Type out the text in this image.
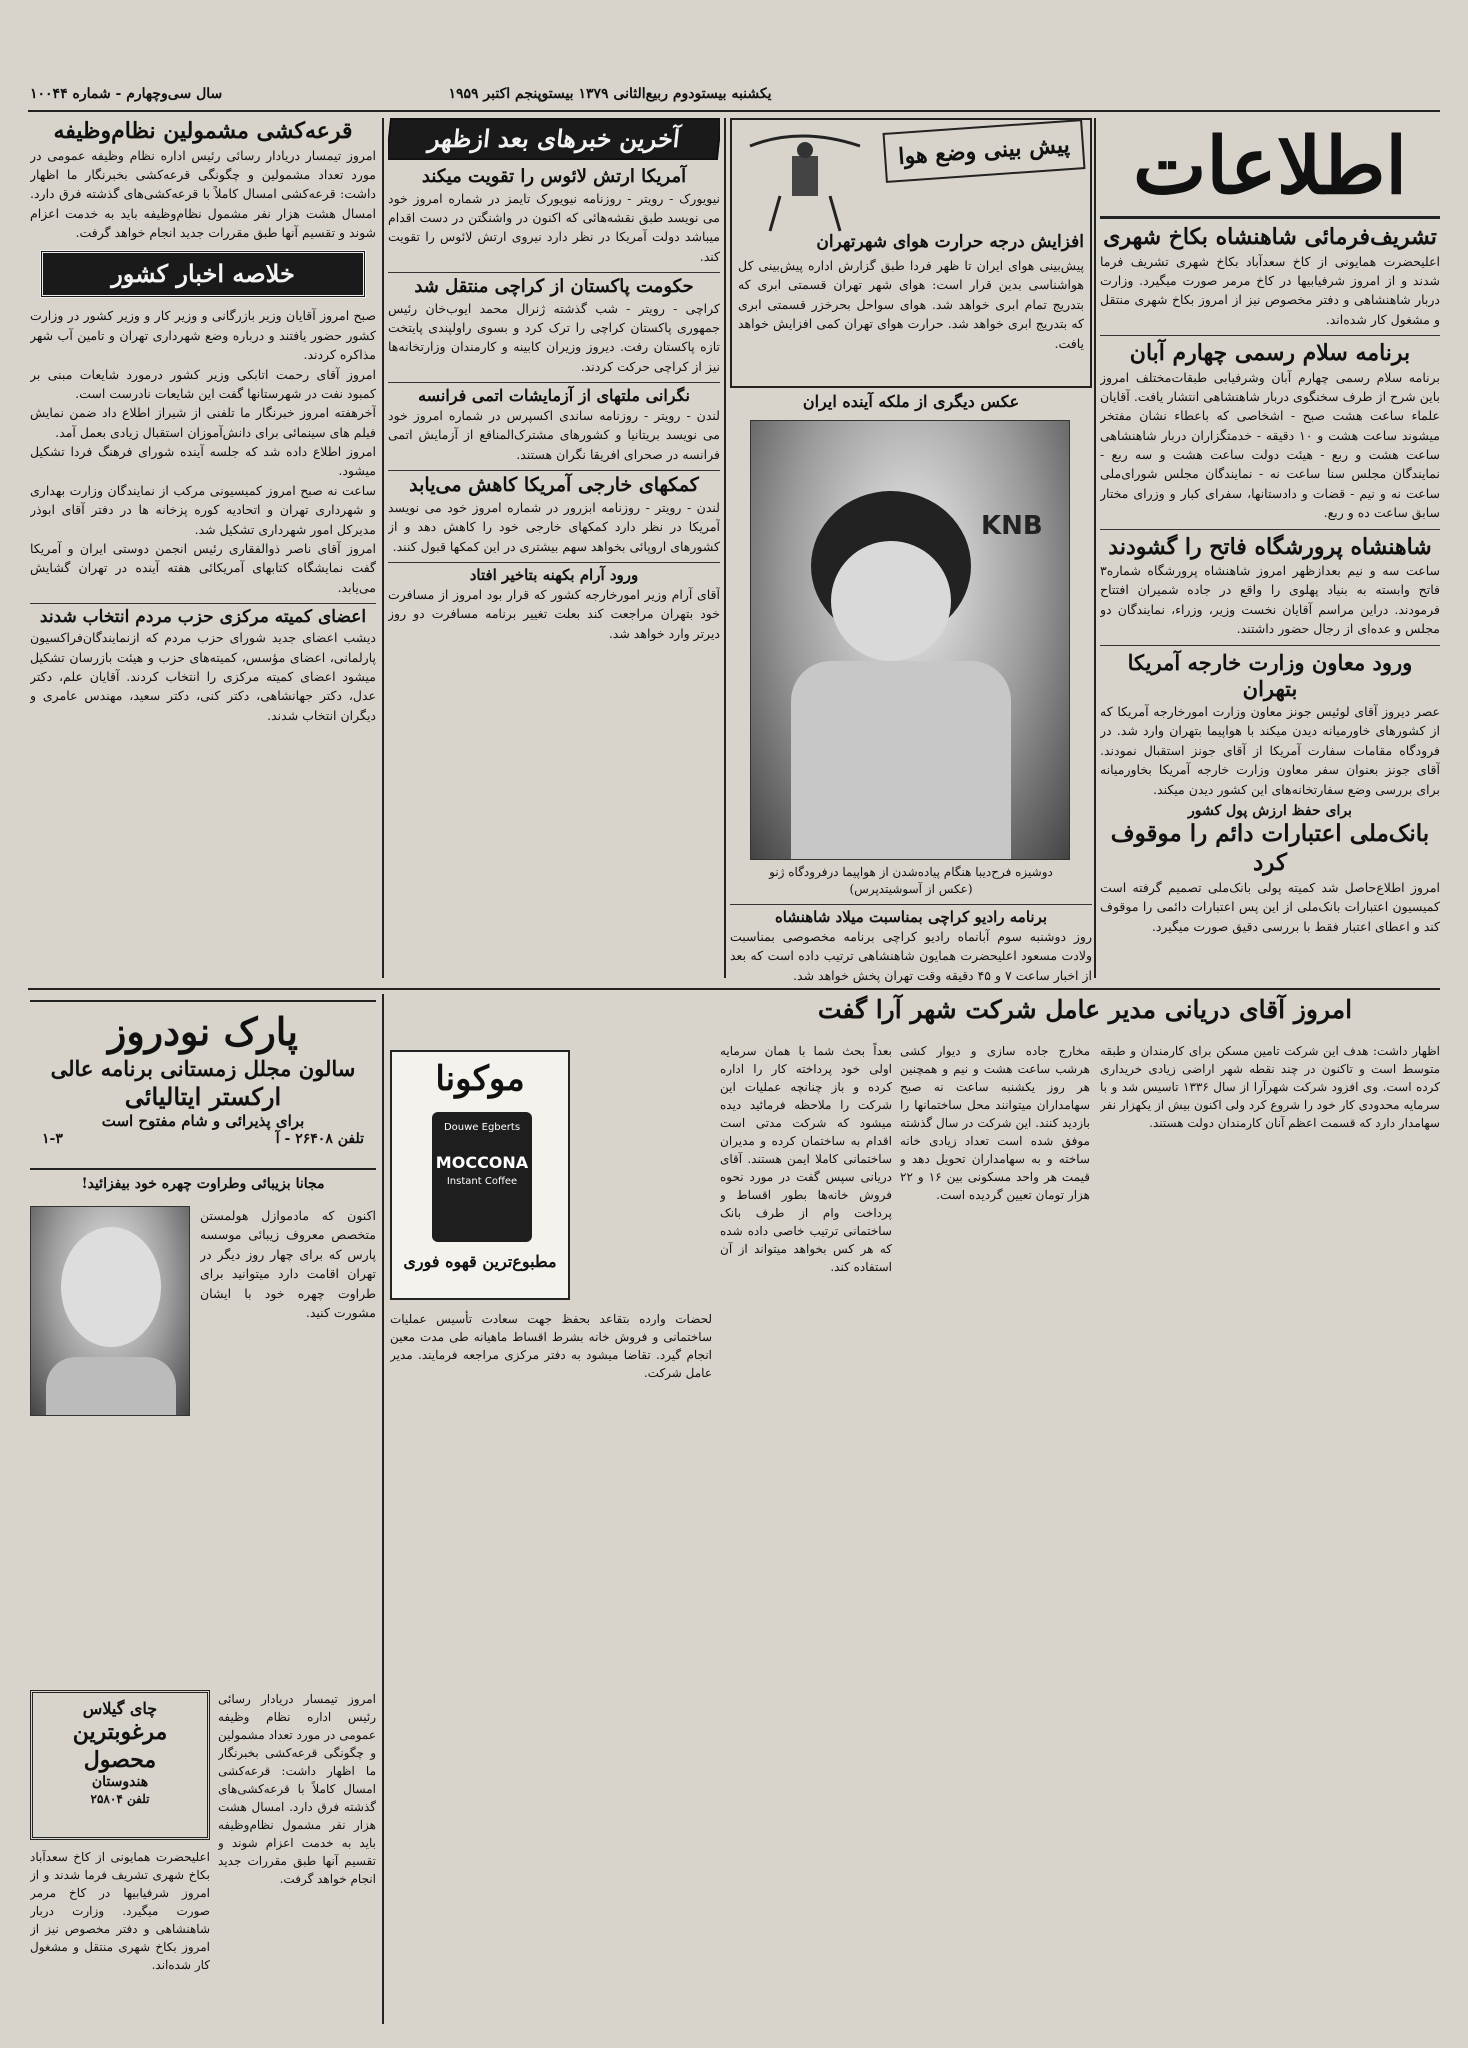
یکشنبه بیستودوم ربیع‌الثانی ۱۳۷۹ بیستوپنجم اکتبر ۱۹۵۹
سال سی‌وچهارم - شماره ۱۰۰۴۴
اطلاعات
تشریف‌فرمائی شاهنشاه بکاخ شهری
اعلیحضرت همایونی از کاخ سعدآباد بکاخ شهری تشریف فرما شدند و از امروز شرفیابیها در کاخ مرمر صورت میگیرد. وزارت دربار شاهنشاهی و دفتر مخصوص نیز از امروز بکاخ شهری منتقل و مشغول کار شده‌اند.
برنامه سلام رسمی چهارم آبان
برنامه سلام رسمی چهارم آبان وشرفیابی طبقات‌مختلف امروز باین شرح از طرف سخنگوی دربار شاهنشاهی انتشار یافت. آقایان علماء ساعت هشت صبح - اشخاصی که باعطاء نشان مفتخر میشوند ساعت هشت و ۱۰ دقیقه - خدمتگزاران دربار شاهنشاهی ساعت هشت و ربع - هیئت دولت ساعت هشت و سه ربع - نمایندگان مجلس سنا ساعت نه - نمایندگان مجلس شورای‌ملی ساعت نه و نیم - قضات و دادستانها، سفرای کبار و وزرای مختار سابق ساعت ده و ربع.
شاهنشاه پرورشگاه فاتح را گشودند
ساعت سه و نیم بعدازظهر امروز شاهنشاه پرورشگاه شماره۳ فاتح وابسته به بنیاد پهلوی را واقع در جاده شمیران افتتاح فرمودند. دراین مراسم آقایان نخست وزیر، وزراء، نمایندگان دو مجلس و عده‌ای از رجال حضور داشتند.
ورود معاون وزارت خارجه آمریکا بتهران
عصر دیروز آقای لوئیس جونز معاون وزارت امورخارجه آمریکا که از کشورهای خاورمیانه دیدن میکند با هواپیما بتهران وارد شد. در فرودگاه مقامات سفارت آمریکا از آقای جونز استقبال نمودند. آقای جونز بعنوان سفر معاون وزارت خارجه آمریکا بخاورمیانه برای بررسی وضع سفارتخانه‌های این کشور دیدن میکند.
برای حفظ ارزش پول کشور
بانک‌ملی اعتبارات دائم را موقوف کرد
امروز اطلاع‌حاصل شد کمیته پولی بانک‌ملی تصمیم گرفته است کمیسیون اعتبارات بانک‌ملی از این پس اعتبارات دائمی را موقوف کند و اعطای اعتبار فقط با بررسی دقیق صورت میگیرد.
پیش بینی وضع هوا
افزایش درجه حرارت هوای شهرتهران
پیش‌بینی هوای ایران تا ظهر فردا طبق گزارش اداره پیش‌بینی کل هواشناسی بدین قرار است: هوای شهر تهران قسمتی ابری که بتدریج تمام ابری خواهد شد. هوای سواحل بحرخزر قسمتی ابری که بتدریج ابری خواهد شد. حرارت هوای تهران کمی افزایش خواهد یافت.
عکس دیگری از ملکه آینده ایران
KNB
دوشیزه فرح‌دیبا هنگام پیاده‌شدن از هواپیما درفرودگاه ژنو
(عکس از آسوشیتدپرس)
برنامه رادیو کراچی بمناسبت میلاد شاهنشاه
روز دوشنبه سوم آبانماه رادیو کراچی برنامه مخصوصی بمناسبت ولادت مسعود اعلیحضرت همایون شاهنشاهی ترتیب داده است که بعد از اخبار ساعت ۷ و ۴۵ دقیقه وقت تهران پخش خواهد شد.
آخرین خبرهای بعد ازظهر
آمریکا ارتش لائوس را تقویت میکند
نیویورک - رویتر - روزنامه نیویورک تایمز در شماره امروز خود می نویسد طبق نقشه‌هائی که اکنون در واشنگتن در دست اقدام میباشد دولت آمریکا در نظر دارد نیروی ارتش لائوس را تقویت کند.
حکومت پاکستان از کراچی منتقل شد
کراچی - رویتر - شب گذشته ژنرال محمد ایوب‌خان رئیس جمهوری پاکستان کراچی را ترک کرد و بسوی راولپندی پایتخت تازه پاکستان رفت. دیروز وزیران کابینه و کارمندان وزارتخانه‌ها نیز از کراچی حرکت کردند.
نگرانی ملتهای از آزمایشات اتمی فرانسه
لندن - رویتر - روزنامه ساندی اکسپرس در شماره امروز خود می نویسد بریتانیا و کشورهای مشترک‌المنافع از آزمایش اتمی فرانسه در صحرای افریقا نگران هستند.
کمکهای خارجی آمریکا کاهش می‌یابد
لندن - رویتر - روزنامه ابزرور در شماره امروز خود می نویسد آمریکا در نظر دارد کمکهای خارجی خود را کاهش دهد و از کشورهای اروپائی بخواهد سهم بیشتری در این کمکها قبول کنند.
ورود آرام بکهنه بتاخیر افتاد
آقای آرام وزیر امورخارجه کشور که قرار بود امروز از مسافرت خود بتهران مراجعت کند بعلت تغییر برنامه مسافرت دو روز دیرتر وارد خواهد شد.
قرعه‌کشی مشمولین نظام‌وظیفه
امروز تیمسار دریادار رسائی رئیس اداره نظام وظیفه عمومی در مورد تعداد مشمولین و چگونگی قرعه‌کشی بخبرنگار ما اظهار داشت: قرعه‌کشی امسال کاملاً با قرعه‌کشی‌های گذشته فرق دارد. امسال هشت هزار نفر مشمول نظام‌وظیفه باید به خدمت اعزام شوند و تقسیم آنها طبق مقررات جدید انجام خواهد گرفت.
خلاصه اخبار کشور
صبح امروز آقایان وزیر بازرگانی و وزیر کار و وزیر کشور در وزارت کشور حضور یافتند و درباره وضع شهرداری تهران و تامین آب شهر مذاکره کردند.
امروز آقای رحمت اتابکی وزیر کشور درمورد شایعات مبنی بر کمبود نفت در شهرستانها گفت این شایعات نادرست است.
آخرهفته امروز خبرنگار ما تلفنی از شیراز اطلاع داد ضمن نمایش فیلم های سینمائی برای دانش‌آموزان استقبال زیادی بعمل آمد.
امروز اطلاع داده شد که جلسه آینده شورای فرهنگ فردا تشکیل میشود.
ساعت نه صبح امروز کمیسیونی مرکب از نمایندگان وزارت بهداری و شهرداری تهران و اتحادیه کوره پزخانه ها در دفتر آقای ابوذر مدیرکل امور شهرداری تشکیل شد.
امروز آقای ناصر ذوالفقاری رئیس انجمن دوستی ایران و آمریکا گفت نمایشگاه کتابهای آمریکائی هفته آینده در تهران گشایش می‌یابد.
اعضای کمیته مرکزی حزب مردم انتخاب شدند
دیشب اعضای جدید شورای حزب مردم که ازنمایندگان‌فراکسیون پارلمانی، اعضای مؤسس، کمیته‌های حزب و هیئت بازرسان تشکیل میشود اعضای کمیته مرکزی را انتخاب کردند. آقایان علم، دکتر عدل، دکتر جهانشاهی، دکتر کنی، دکتر سعید، مهندس عامری و دیگران انتخاب شدند.
امروز آقای دریانی مدیر عامل شرکت شهر آرا گفت
اظهار داشت: هدف این شرکت تامین مسکن برای کارمندان و طبقه متوسط است و تاکنون در چند نقطه شهر اراضی زیادی خریداری کرده است. وی افزود شرکت شهرآرا از سال ۱۳۳۶ تاسیس شد و با سرمایه محدودی کار خود را شروع کرد ولی اکنون بیش از یکهزار نفر سهامدار دارد که قسمت اعظم آنان کارمندان دولت هستند.
مخارج جاده سازی و دیوار کشی هرشب ساعت هشت و نیم و همچنین هر روز یکشنبه ساعت نه صبح سهامداران میتوانند محل ساختمانها را بازدید کنند. این شرکت در سال گذشته موفق شده است تعداد زیادی خانه ساخته و به سهامداران تحویل دهد و قیمت هر واحد مسکونی بین ۱۶ و ۲۲ هزار تومان تعیین گردیده است.
بعداً بحث شما با همان سرمایه اولی خود پرداخته کار را اداره کرده و باز چنانچه عملیات این شرکت را ملاحظه فرمائید دیده میشود که شرکت مدتی است اقدام به ساختمان کرده و مدیران ساختمانی کاملا ایمن هستند. آقای دریانی سپس گفت در مورد نحوه فروش خانه‌ها بطور اقساط و پرداخت وام از طرف بانک ساختمانی ترتیب خاصی داده شده که هر کس بخواهد میتواند از آن استفاده کند.
موکونا
Douwe Egberts
MOCCONA
Instant Coffee
مطبوع‌ترین قهوه فوری
لحضات وارده بتقاعد بحفظ جهت سعادت تأسیس عملیات ساختمانی و فروش خانه بشرط اقساط ماهیانه طی مدت معین انجام گیرد. تقاضا میشود به دفتر مرکزی مراجعه فرمایند. مدیر عامل شرکت.
پارک نودروز
سالون مجلل زمستانی برنامه عالی
ارکستر ایتالیائی
برای پذیرائی و شام مفتوح است
تلفن ۲۶۴۰۸ - آ
۱-۳
مجانا بزیبائی وطراوت چهره خود بیفزائید!
اکنون که مادموازل هولمستن متخصص معروف زیبائی موسسه پارس که برای چهار روز دیگر در تهران اقامت دارد میتوانید برای طراوت چهره خود با ایشان مشورت کنید.
چای گیلاس
مرغوبترین
محصول
هندوستان
تلفن ۲۵۸۰۴
امروز تیمسار دریادار رسائی رئیس اداره نظام وظیفه عمومی در مورد تعداد مشمولین و چگونگی قرعه‌کشی بخبرنگار ما اظهار داشت: قرعه‌کشی امسال کاملاً با قرعه‌کشی‌های گذشته فرق دارد. امسال هشت هزار نفر مشمول نظام‌وظیفه باید به خدمت اعزام شوند و تقسیم آنها طبق مقررات جدید انجام خواهد گرفت.
اعلیحضرت همایونی از کاخ سعدآباد بکاخ شهری تشریف فرما شدند و از امروز شرفیابیها در کاخ مرمر صورت میگیرد. وزارت دربار شاهنشاهی و دفتر مخصوص نیز از امروز بکاخ شهری منتقل و مشغول کار شده‌اند.
